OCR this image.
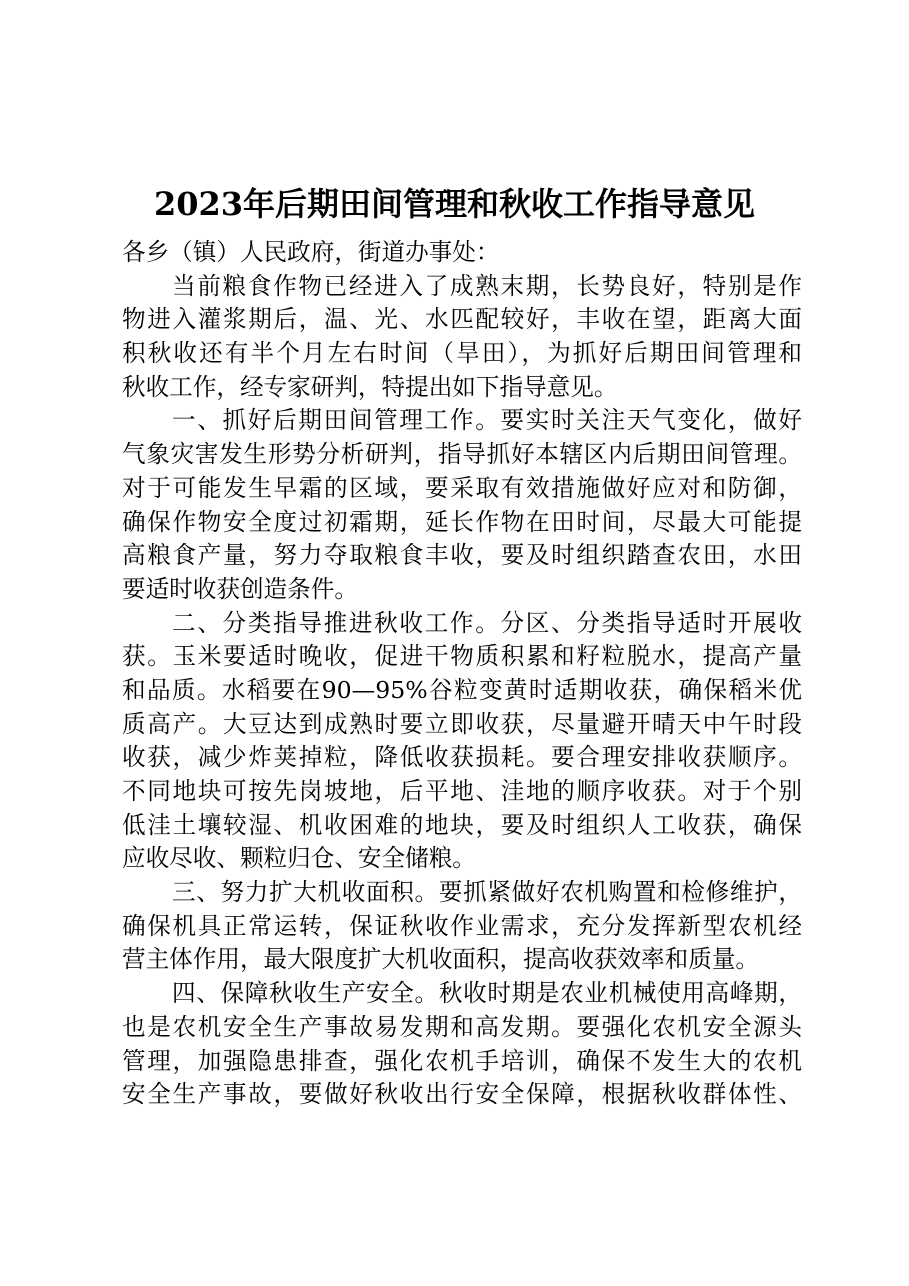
2023年后期田间管理和秋收工作指导意见
各乡（镇）人民政府，街道办事处：
当前粮食作物已经进入了成熟末期，长势良好，特别是作
物进入灌浆期后，温、光、水匹配较好，丰收在望，距离大面
积秋收还有半个月左右时间（旱田），为抓好后期田间管理和
秋收工作，经专家研判，特提出如下指导意见。
一、抓好后期田间管理工作。要实时关注天气变化，做好
气象灾害发生形势分析研判，指导抓好本辖区内后期田间管理。
对于可能发生早霜的区域，要采取有效措施做好应对和防御，
确保作物安全度过初霜期，延长作物在田时间，尽最大可能提
高粮食产量，努力夺取粮食丰收，要及时组织踏查农田，水田
要适时收获创造条件。
二、分类指导推进秋收工作。分区、分类指导适时开展收
获。玉米要适时晚收，促进干物质积累和籽粒脱水，提高产量
和品质。水稻要在90—95%谷粒变黄时适期收获，确保稻米优
质高产。大豆达到成熟时要立即收获，尽量避开晴天中午时段
收获，减少炸荚掉粒，降低收获损耗。要合理安排收获顺序。
不同地块可按先岗坡地，后平地、洼地的顺序收获。对于个别
低洼土壤较湿、机收困难的地块，要及时组织人工收获，确保
应收尽收、颗粒归仓、安全储粮。
三、努力扩大机收面积。要抓紧做好农机购置和检修维护，
确保机具正常运转，保证秋收作业需求，充分发挥新型农机经
营主体作用，最大限度扩大机收面积，提高收获效率和质量。
四、保障秋收生产安全。秋收时期是农业机械使用高峰期，
也是农机安全生产事故易发期和高发期。要强化农机安全源头
管理，加强隐患排查，强化农机手培训，确保不发生大的农机
安全生产事故，要做好秋收出行安全保障，根据秋收群体性、
